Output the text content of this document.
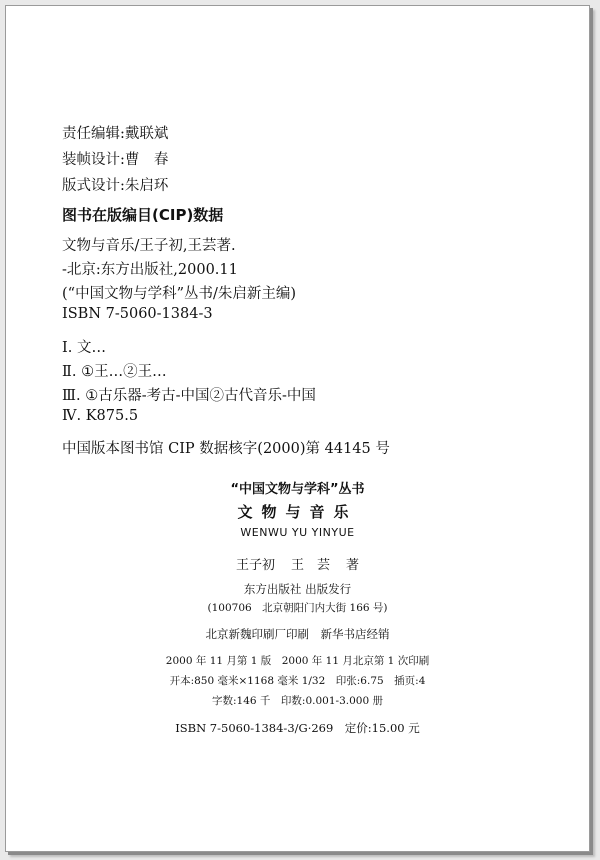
责任编辑:戴联斌
装帧设计:曹　春
版式设计:朱启环
图书在版编目(CIP)数据
文物与音乐/王子初,王芸著.
-北京:东方出版社,2000.11
(“中国文物与学科”丛书/朱启新主编)
ISBN 7-5060-1384-3
Ⅰ. 文…
Ⅱ. ①王…②王…
Ⅲ. ①古乐器-考古-中国②古代音乐-中国
Ⅳ. K875.5
中国版本图书馆 CIP 数据核字(2000)第 44145 号
“中国文物与学科”丛书
文物与音乐
WENWU YU YINYUE
王子初 王　芸 著
东方出版社 出版发行
(100706　北京朝阳门内大街 166 号)
北京新魏印刷厂印刷　新华书店经销
2000 年 11 月第 1 版　2000 年 11 月北京第 1 次印刷
开本:850 毫米×1168 毫米 1/32　印张:6.75　插页:4
字数:146 千　印数:0.001-3.000 册
ISBN 7-5060-1384-3/G·269　定价:15.00 元
